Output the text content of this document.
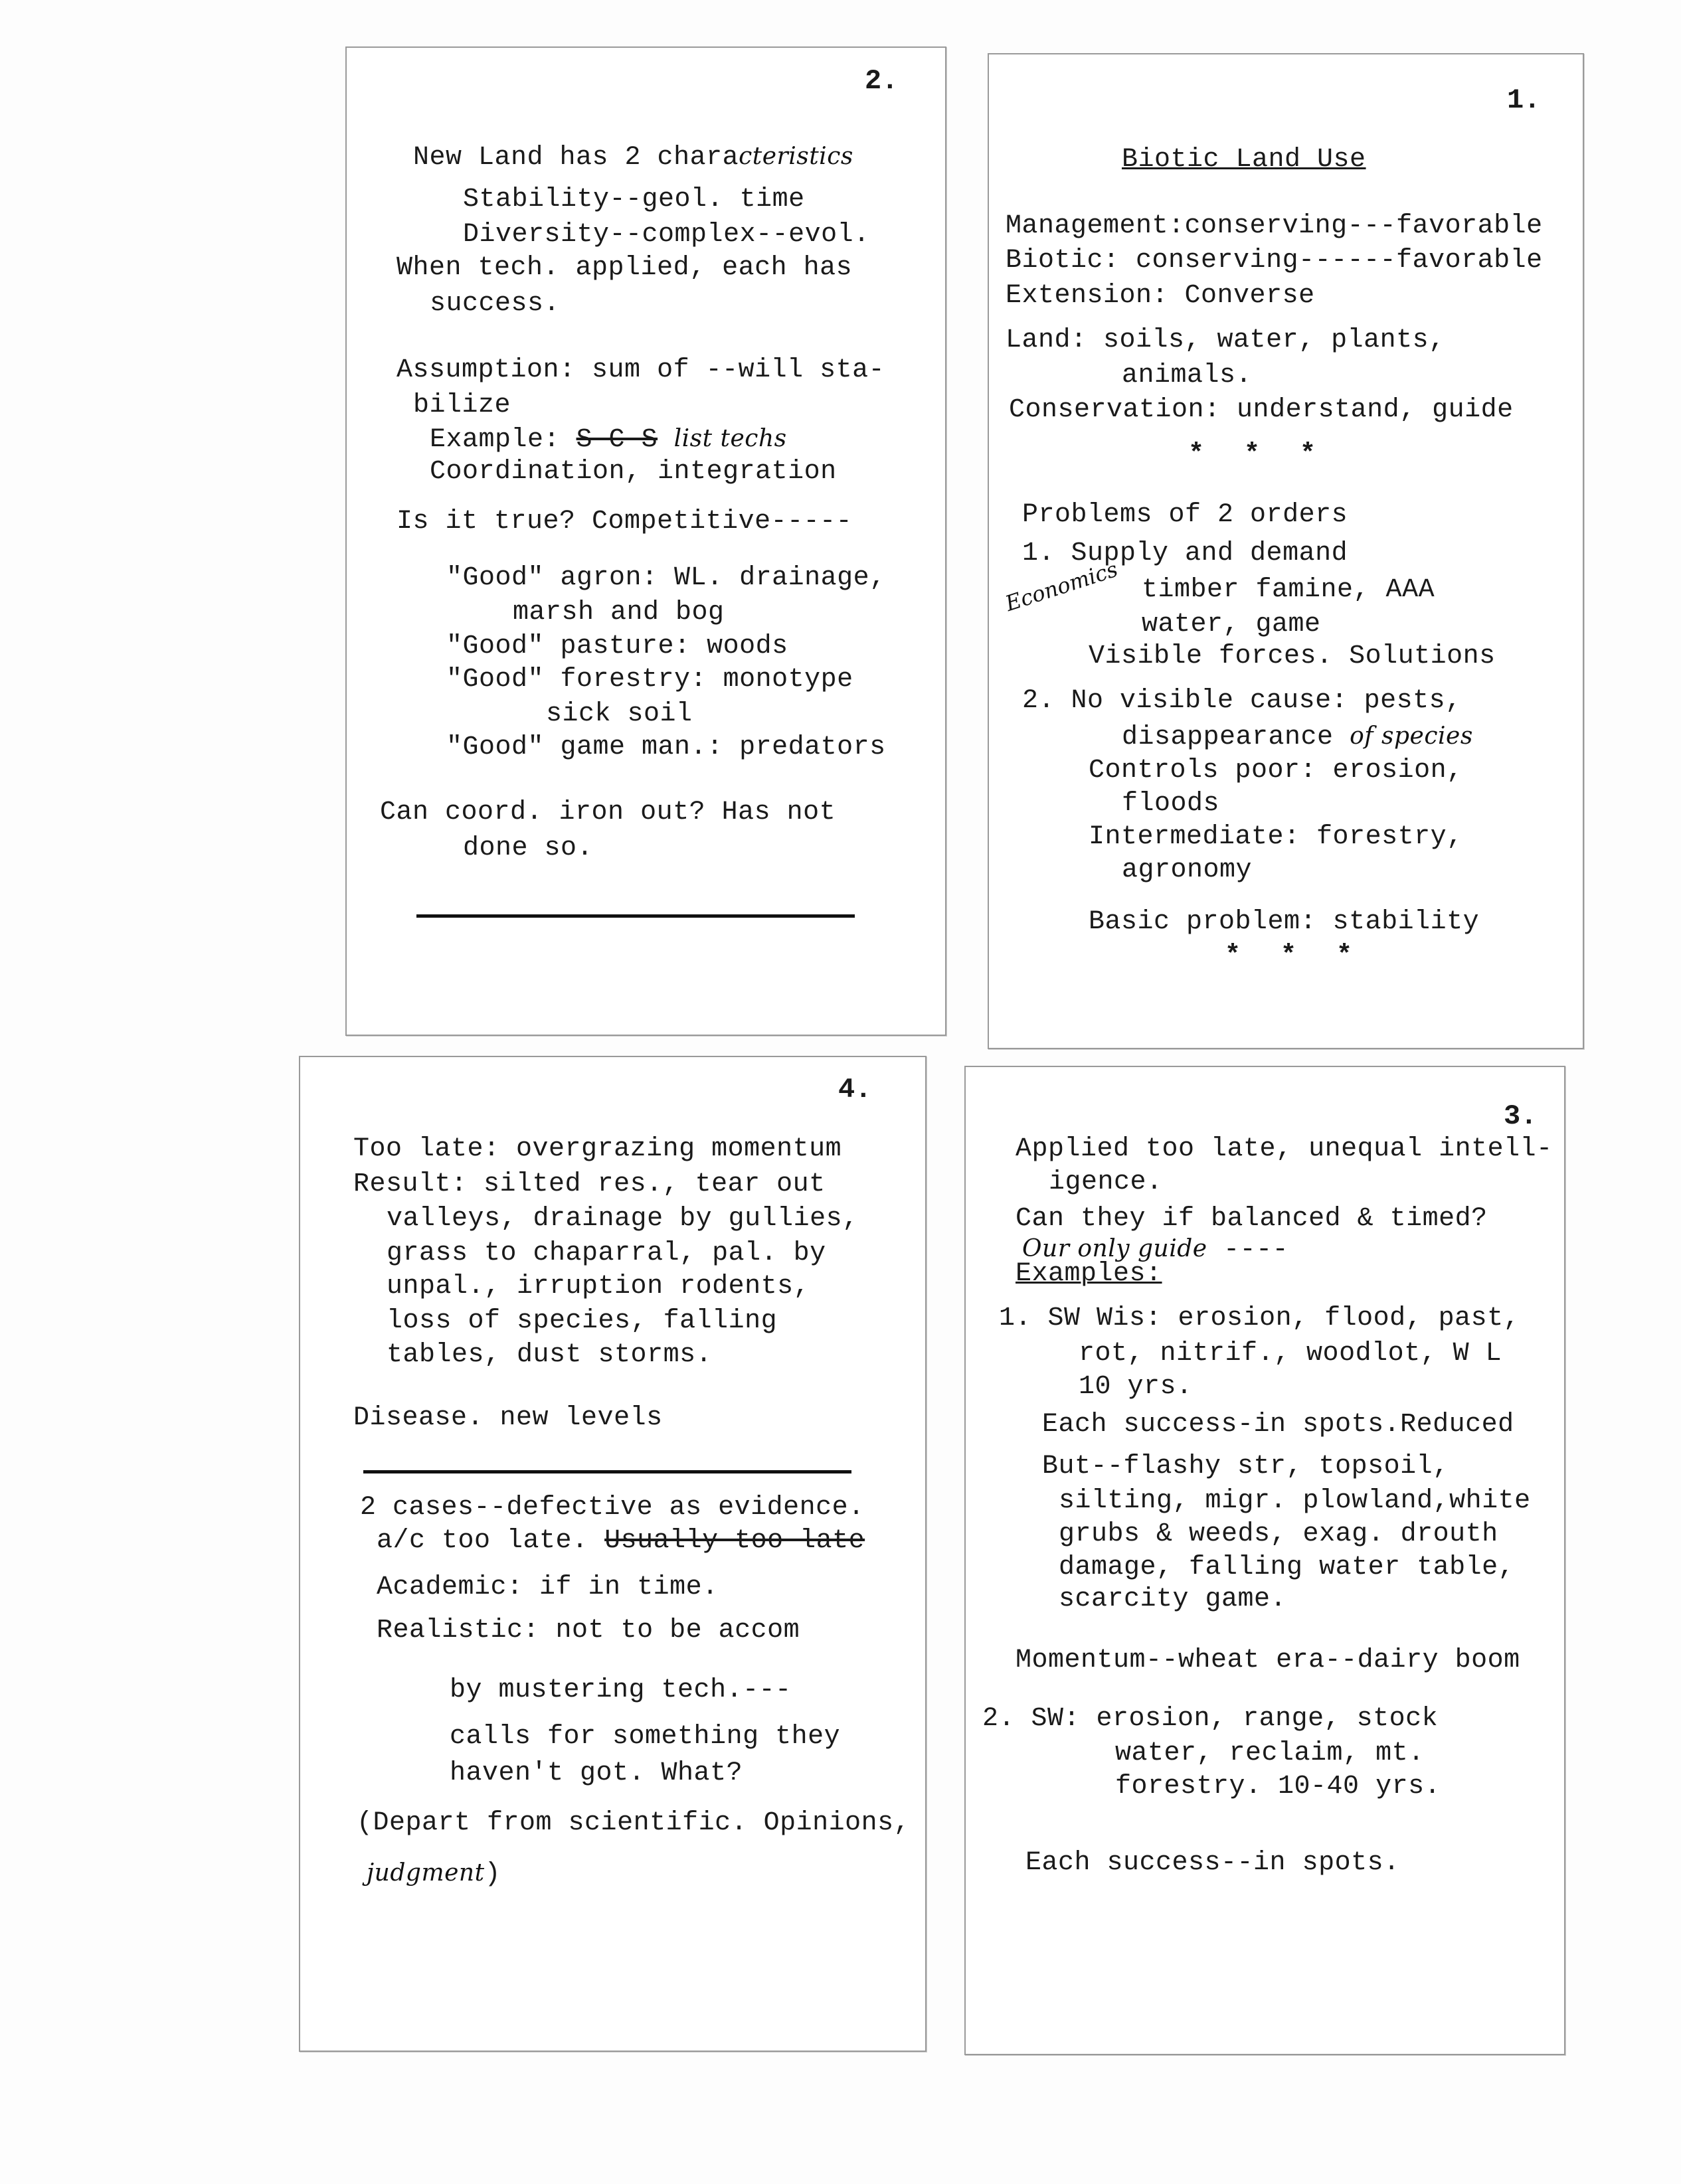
2.
New Land has 2 characteristics
Stability--geol. time
Diversity--complex--evol.
When tech. applied, each has
success.
Assumption: sum of --will sta-
bilize
Example: S C S list techs
Coordination, integration
Is it true? Competitive-----
"Good" agron: WL. drainage,
marsh and bog
"Good" pasture: woods
"Good" forestry: monotype
sick soil
"Good" game man.: predators
Can coord. iron out? Has not
done so.
1.
Biotic Land Use
Management:conserving---favorable
Biotic: conserving------favorable
Extension: Converse
Land: soils, water, plants,
animals.
Conservation: understand, guide
* * *
Problems of 2 orders
1. Supply and demand
Economics timber famine, AAA
water, game
Visible forces. Solutions
2. No visible cause: pests,
disappearance of species
Controls poor: erosion,
floods
Intermediate: forestry,
agronomy
Basic problem: stability
* * *
4.
Too late: overgrazing momentum
Result: silted res., tear out
valleys, drainage by gullies,
grass to chaparral, pal. by
unpal., irruption rodents,
loss of species, falling
tables, dust storms.
Disease. new levels
2 cases--defective as evidence.
a/c too late. Usually too late
Academic: if in time.
Realistic: not to be accom
by mustering tech.---
calls for something they
haven't got. What?
(Depart from scientific. Opinions,
judgment)
3.
Applied too late, unequal intell-
igence.
Can they if balanced & timed?
Our only guide ----
Examples:
1. SW Wis: erosion, flood, past,
rot, nitrif., woodlot, W L
10 yrs.
Each success-in spots.Reduced
But--flashy str, topsoil,
silting, migr. plowland,white
grubs & weeds, exag. drouth
damage, falling water table,
scarcity game.
Momentum--wheat era--dairy boom
2. SW: erosion, range, stock
water, reclaim, mt.
forestry. 10-40 yrs.
Each success--in spots.
